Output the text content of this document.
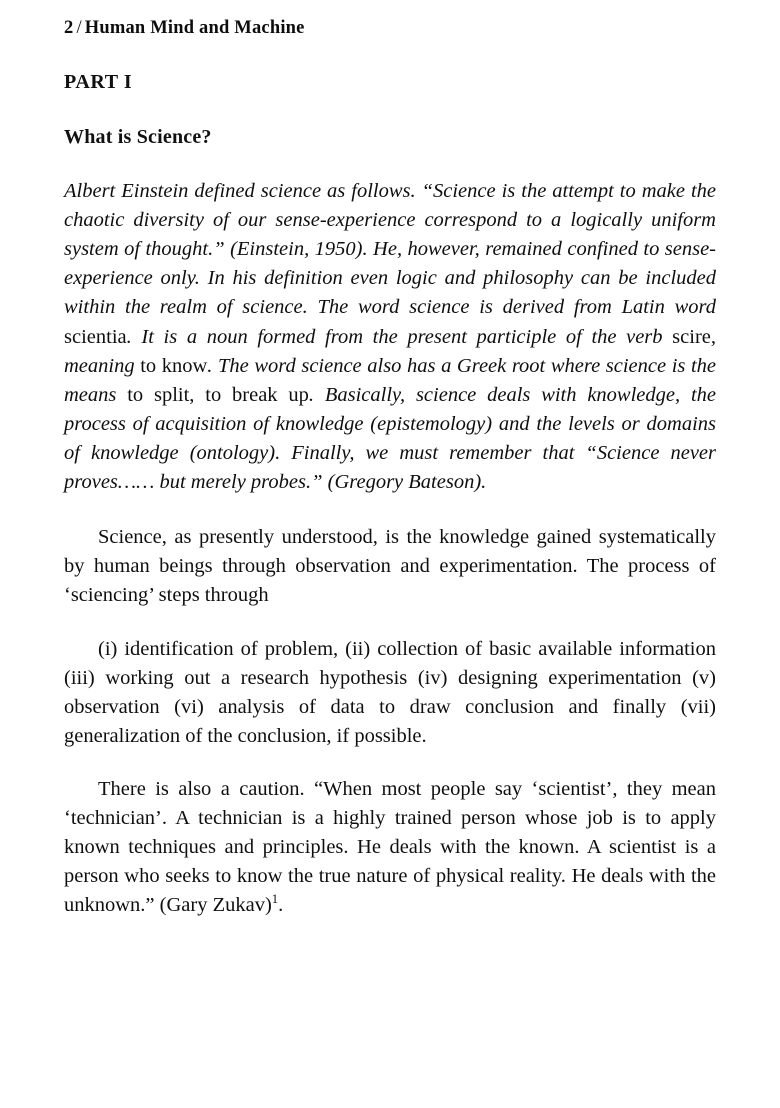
2 / Human Mind and Machine
PART I
What is Science?

Albert Einstein defined science as follows. “Science is the attempt to make the chaotic diversity of our sense-experience correspond to a logically uniform system of thought.” (Einstein, 1950). He, however, remained confined to sense-experience only. In his definition even logic and philosophy can be included within the realm of science. The word science is derived from Latin word scientia. It is a noun formed from the present participle of the verb scire, meaning to know. The word science also has a Greek root where science is the means to split, to break up. Basically, science deals with knowledge, the process of acquisition of knowledge (epistemology) and the levels or domains of knowledge (ontology). Finally, we must remember that “Science never proves…… but merely probes.” (Gregory Bateson).

Science, as presently understood, is the knowledge gained systematically by human beings through observation and experimentation. The process of ‘sciencing’ steps through

(i) identification of problem, (ii) collection of basic available information (iii) working out a research hypothesis (iv) designing experimentation (v) observation (vi) analysis of data to draw conclusion and finally (vii) generalization of the conclusion, if possible.

There is also a caution. “When most people say ‘scientist’, they mean ‘technician’. A technician is a highly trained person whose job is to apply known techniques and principles. He deals with the known. A scientist is a person who seeks to know the true nature of physical reality. He deals with the unknown.” (Gary Zukav)$^1$.
